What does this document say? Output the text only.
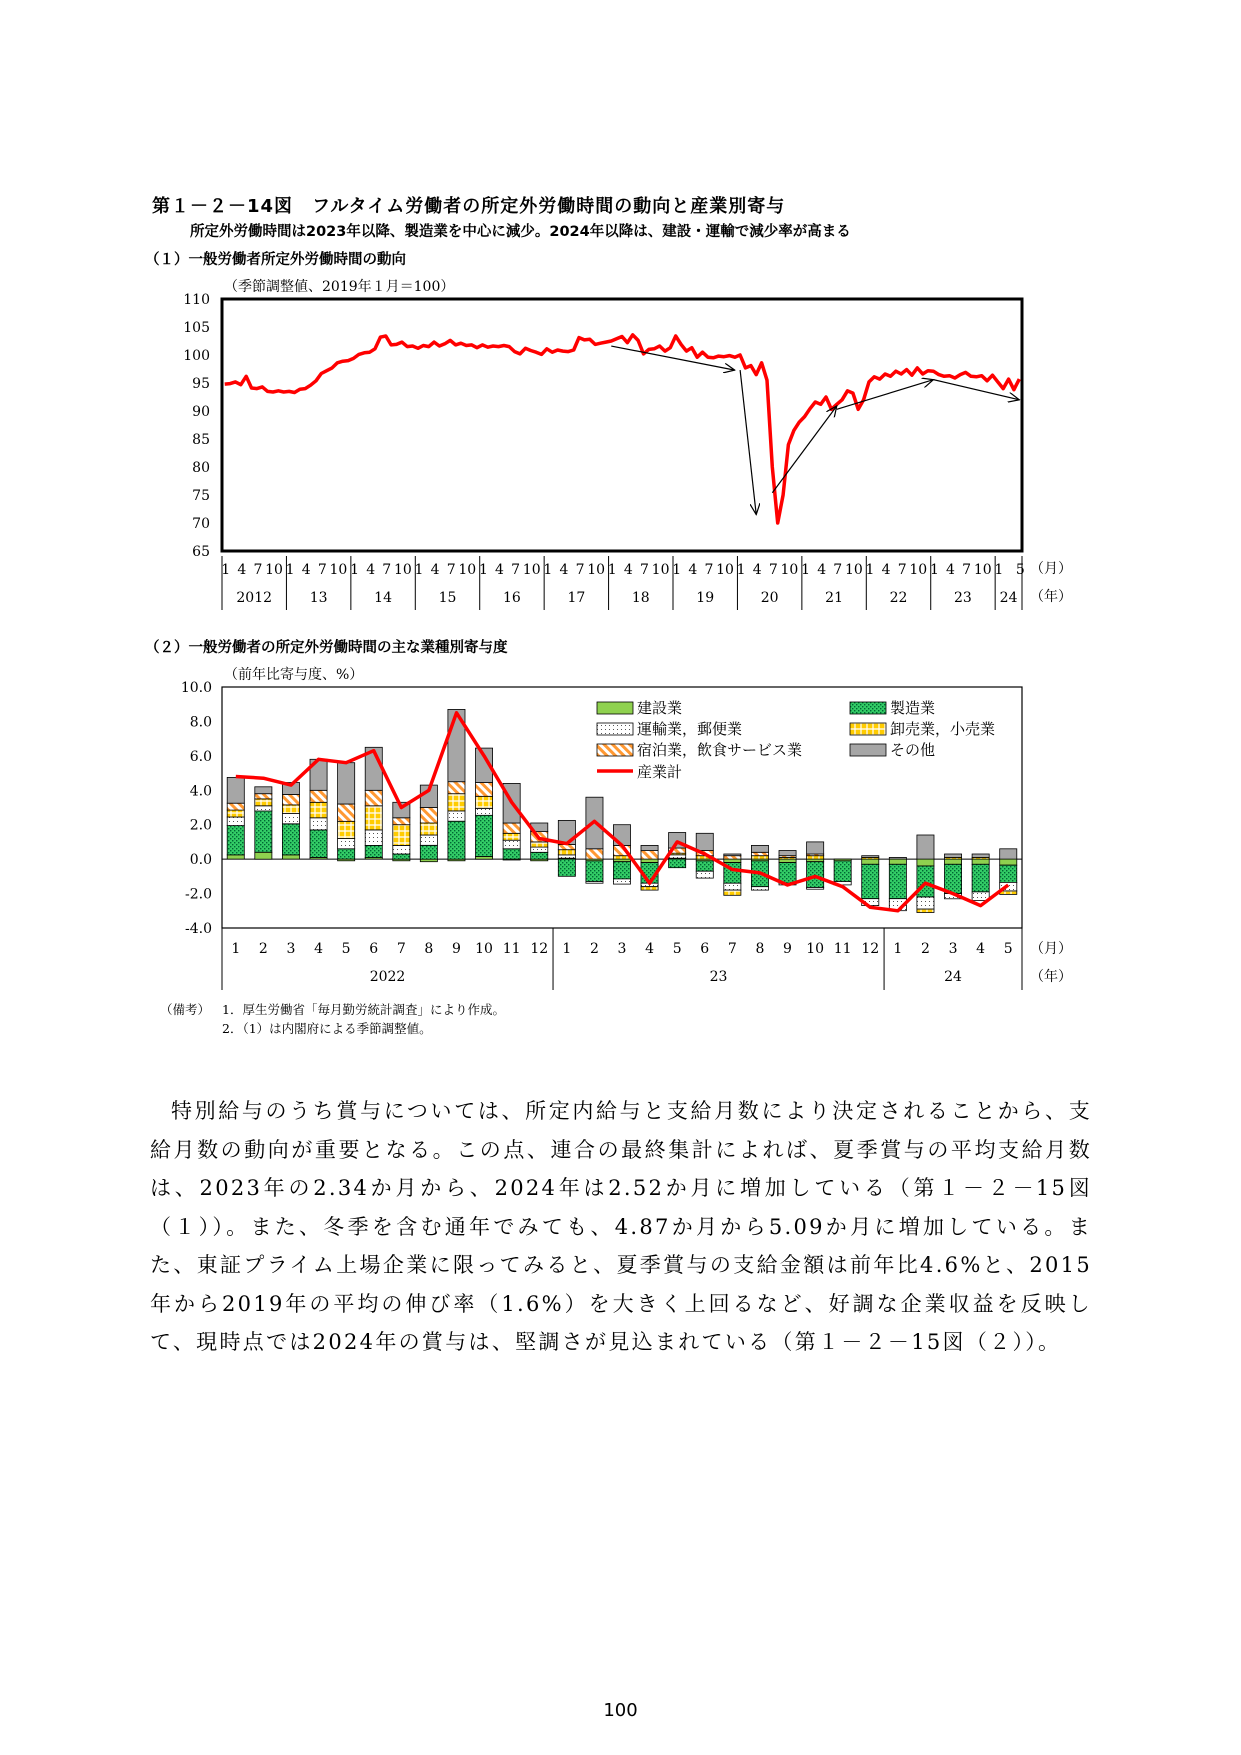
第１－２－14図　フルタイム労働者の所定外労働時間の動向と産業別寄与
所定外労働時間は2023年以降、製造業を中心に減少。2024年以降は、建設・運輸で減少率が高まる
（１）一般労働者所定外労働時間の動向
（季節調整値、2019年１月＝100）
110
105
100
95
90
85
80
75
70
65
1 4 7 10
2012
1 4 7 10
13
1 4 7 10
14
1 4 7 10
15
1 4 7 10
16
1 4 7 10
17
1 4 7 10
18
1 4 7 10
19
1 4 7 10
20
1 4 7 10
21
1 4 7 10
22
1 4 7 10
23
1 5
24
（月）
（年）
（２）一般労働者の所定外労働時間の主な業種別寄与度
（前年比寄与度、%）
10.0
8.0
6.0
4.0
2.0
0.0
-2.0
-4.0
1 2 3 4 5 6 7 8 9 10 11 12 1 2 3 4 5 6 7 8 9 10 11 12 1 2 3 4 5
2022	23	24
（月）
（年）
建設業	製造業
運輸業，郵便業	卸売業，小売業
宿泊業，飲食サービス業	その他
産業計
（備考） 1．厚生労働省「毎月勤労統計調査」により作成。
2．（1）は内閣府による季節調整値。

特別給与のうち賞与については、所定内給与と支給月数により決定されることから、支給月数の動向が重要となる。この点、連合の最終集計によれば、夏季賞与の平均支給月数は、2023年の2.34か月から、2024年は2.52か月に増加している（第１－２－15図（１））。また、冬季を含む通年でみても、4.87か月から5.09か月に増加している。また、東証プライム上場企業に限ってみると、夏季賞与の支給金額は前年比4.6%と、2015年から2019年の平均の伸び率（1.6%）を大きく上回るなど、好調な企業収益を反映して、現時点では2024年の賞与は、堅調さが見込まれている（第１－２－15図（２））。

100
